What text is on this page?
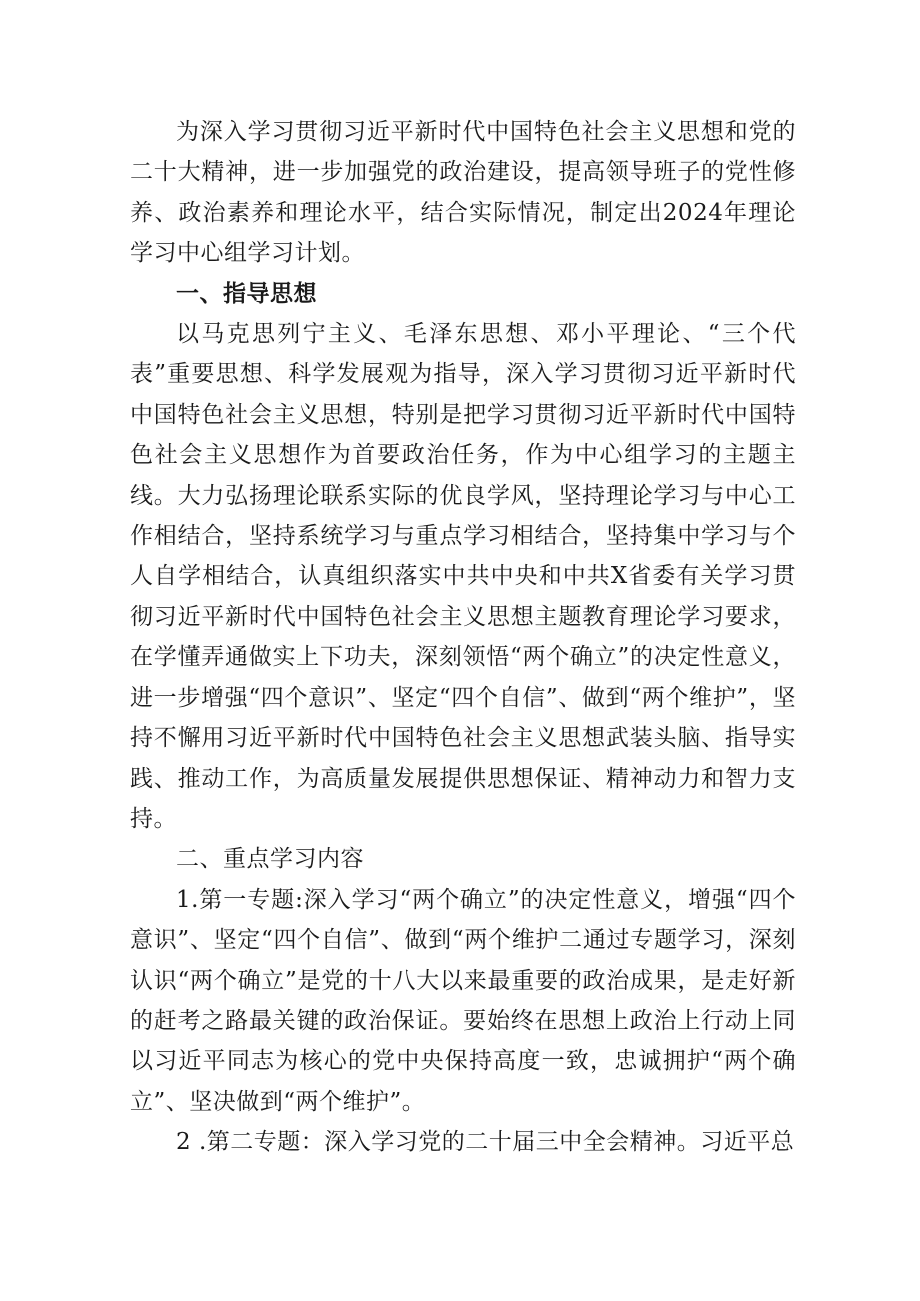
为深入学习贯彻习近平新时代中国特色社会主义思想和党的二十大精神，进一步加强党的政治建设，提高领导班子的党性修养、政治素养和理论水平，结合实际情况，制定出2024年理论学习中心组学习计划。

一、指导思想

以马克思列宁主义、毛泽东思想、邓小平理论、“三个代表”重要思想、科学发展观为指导，深入学习贯彻习近平新时代中国特色社会主义思想，特别是把学习贯彻习近平新时代中国特色社会主义思想作为首要政治任务，作为中心组学习的主题主线。大力弘扬理论联系实际的优良学风，坚持理论学习与中心工作相结合，坚持系统学习与重点学习相结合，坚持集中学习与个人自学相结合，认真组织落实中共中央和中共X省委有关学习贯彻习近平新时代中国特色社会主义思想主题教育理论学习要求，在学懂弄通做实上下功夫，深刻领悟“两个确立”的决定性意义，进一步增强“四个意识”、坚定“四个自信”、做到“两个维护”，坚持不懈用习近平新时代中国特色社会主义思想武装头脑、指导实践、推动工作，为高质量发展提供思想保证、精神动力和智力支持。

二、重点学习内容

1.第一专题:深入学习“两个确立”的决定性意义，增强“四个意识”、坚定“四个自信”、做到“两个维护二通过专题学习，深刻认识“两个确立”是党的十八大以来最重要的政治成果，是走好新的赶考之路最关键的政治保证。要始终在思想上政治上行动上同以习近平同志为核心的党中央保持高度一致，忠诚拥护“两个确立”、坚决做到“两个维护”。

2 .第二专题：深入学习党的二十届三中全会精神。习近平总
